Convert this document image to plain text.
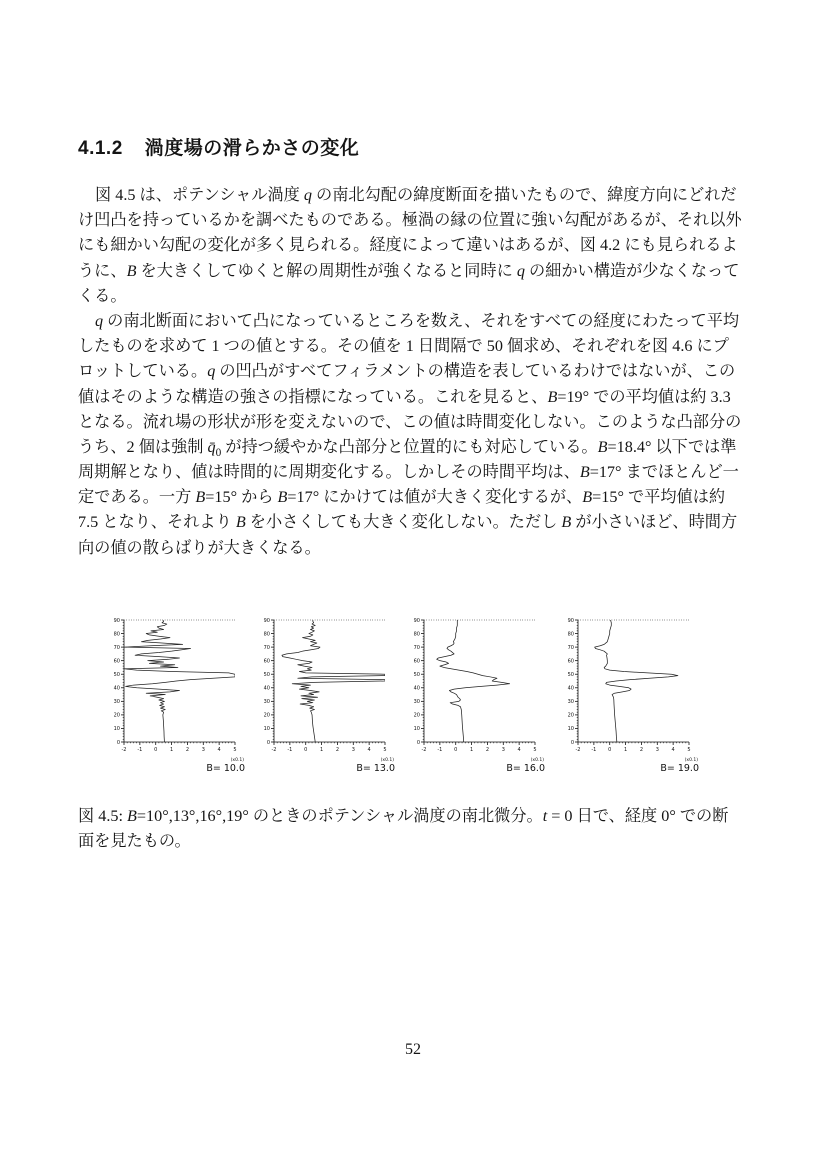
4.1.2 渦度場の滑らかさの変化
図 4.5 は、ポテンシャル渦度 q の南北勾配の緯度断面を描いたもので、緯度方向にどれだ
け凹凸を持っているかを調べたものである。極渦の縁の位置に強い勾配があるが、それ以外
にも細かい勾配の変化が多く見られる。経度によって違いはあるが、図 4.2 にも見られるよ
うに、B を大きくしてゆくと解の周期性が強くなると同時に q の細かい構造が少なくなって
くる。
q の南北断面において凸になっているところを数え、それをすべての経度にわたって平均
したものを求めて 1 つの値とする。その値を 1 日間隔で 50 個求め、それぞれを図 4.6 にプ
ロットしている。q の凹凸がすべてフィラメントの構造を表しているわけではないが、この
値はそのような構造の強さの指標になっている。これを見ると、B=19° での平均値は約 3.3
となる。流れ場の形状が形を変えないので、この値は時間変化しない。このような凸部分の
うち、2 個は強制 $q̄_0$ が持つ緩やかな凸部分と位置的にも対応している。B=18.4° 以下では準
周期解となり、値は時間的に周期変化する。しかしその時間平均は、B=17° までほとんど一
定である。一方 B=15° から B=17° にかけては値が大きく変化するが、B=15° で平均値は約
7.5 となり、それより B を小さくしても大きく変化しない。ただし B が小さいほど、時間方
向の値の散らばりが大きくなる。
-2 -1 0	1	2	3	4	5
0
10
20
30
40
50
60
70
80
90
(x0.1)
B= 10.0
-2 -1 0	1	2	3	4	5
0
10
20
30
40
50
60
70
80
90
(x0.1)
B= 13.0
-2 -1 0	1	2	3	4	5
0
10
20
30
40
50
60
70
80
90
(x0.1)
B= 16.0
-2 -1 0	1	2	3	4	5
0
10
20
30
40
50
60
70
80
90
(x0.1)
B= 19.0
図 4.5: B=10°,13°,16°,19° のときのポテンシャル渦度の南北微分。t = 0 日で、経度 0° での断
面を見たもの。
52
